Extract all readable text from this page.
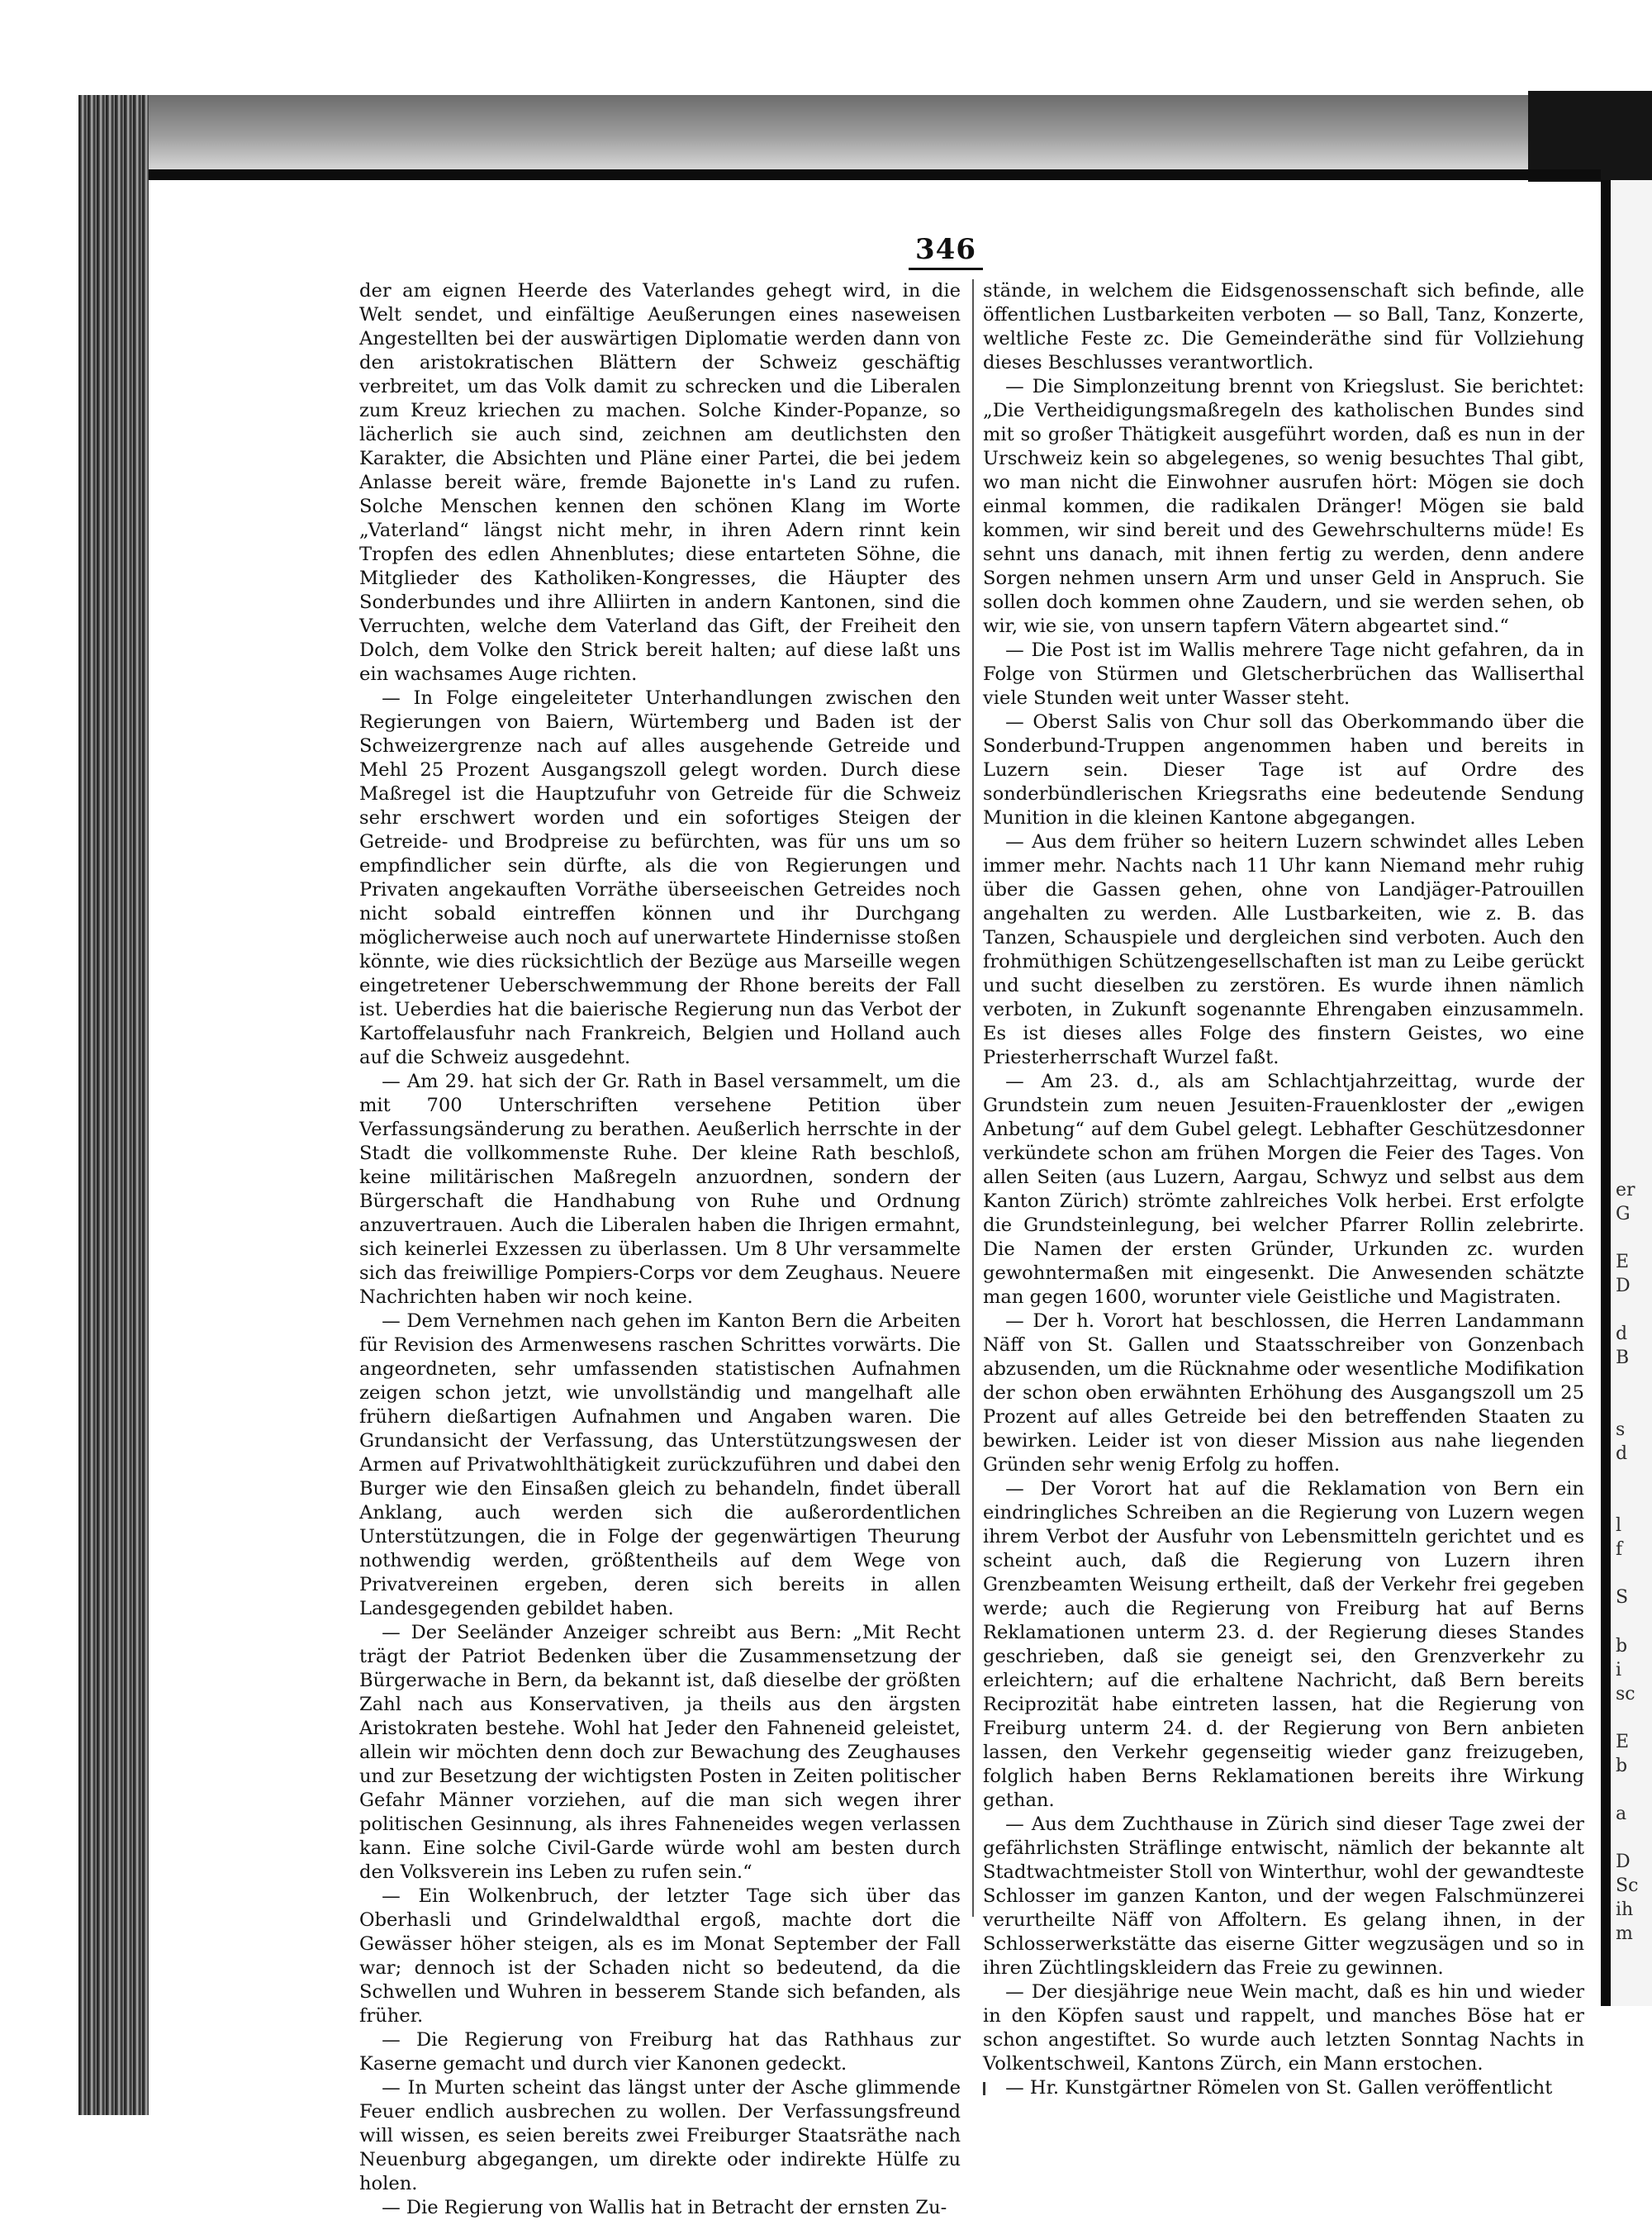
er
G
E
D
d
B
s
d
l
f
S
b
i
sc
E
b
a
D
Sc
ih
m
346

der am eignen Heerde des Vaterlandes gehegt wird, in die Welt sendet, und einfältige Aeußerungen eines naseweisen Angestellten bei der auswärtigen Diplomatie werden dann von den aristokratischen Blättern der Schweiz geschäftig verbreitet, um das Volk damit zu schrecken und die Liberalen zum Kreuz kriechen zu machen. Solche Kinder-Popanze, so lächerlich sie auch sind, zeichnen am deutlichsten den Karakter, die Absichten und Pläne einer Partei, die bei jedem Anlasse bereit wäre, fremde Bajonette in's Land zu rufen. Solche Menschen kennen den schönen Klang im Worte „Vaterland“ längst nicht mehr, in ihren Adern rinnt kein Tropfen des edlen Ahnenblutes; diese entarteten Söhne, die Mitglieder des Katholiken-Kongresses, die Häupter des Sonderbundes und ihre Alliirten in andern Kantonen, sind die Verruchten, welche dem Vaterland das Gift, der Freiheit den Dolch, dem Volke den Strick bereit halten; auf diese laßt uns ein wachsames Auge richten.

— In Folge eingeleiteter Unterhandlungen zwischen den Regierungen von Baiern, Würtemberg und Baden ist der Schweizergrenze nach auf alles ausgehende Getreide und Mehl 25 Prozent Ausgangszoll gelegt worden. Durch diese Maßregel ist die Hauptzufuhr von Getreide für die Schweiz sehr erschwert worden und ein sofortiges Steigen der Getreide- und Brodpreise zu befürchten, was für uns um so empfindlicher sein dürfte, als die von Regierungen und Privaten angekauften Vorräthe überseeischen Getreides noch nicht sobald eintreffen können und ihr Durchgang möglicherweise auch noch auf unerwartete Hindernisse stoßen könnte, wie dies rücksichtlich der Bezüge aus Marseille wegen eingetretener Ueberschwemmung der Rhone bereits der Fall ist. Ueberdies hat die baierische Regierung nun das Verbot der Kartoffelausfuhr nach Frankreich, Belgien und Holland auch auf die Schweiz ausgedehnt.

— Am 29. hat sich der Gr. Rath in Basel versammelt, um die mit 700 Unterschriften versehene Petition über Verfassungsänderung zu berathen. Aeußerlich herrschte in der Stadt die vollkommenste Ruhe. Der kleine Rath beschloß, keine militärischen Maßregeln anzuordnen, sondern der Bürgerschaft die Handhabung von Ruhe und Ordnung anzuvertrauen. Auch die Liberalen haben die Ihrigen ermahnt, sich keinerlei Exzessen zu überlassen. Um 8 Uhr versammelte sich das freiwillige Pompiers-Corps vor dem Zeughaus. Neuere Nachrichten haben wir noch keine.

— Dem Vernehmen nach gehen im Kanton Bern die Arbeiten für Revision des Armenwesens raschen Schrittes vorwärts. Die angeordneten, sehr umfassenden statistischen Aufnahmen zeigen schon jetzt, wie unvollständig und mangelhaft alle frühern dießartigen Aufnahmen und Angaben waren. Die Grundansicht der Verfassung, das Unterstützungswesen der Armen auf Privatwohlthätigkeit zurückzuführen und dabei den Burger wie den Einsaßen gleich zu behandeln, findet überall Anklang, auch werden sich die außerordentlichen Unterstützungen, die in Folge der gegenwärtigen Theurung nothwendig werden, größtentheils auf dem Wege von Privatvereinen ergeben, deren sich bereits in allen Landesgegenden gebildet haben.

— Der Seeländer Anzeiger schreibt aus Bern: „Mit Recht trägt der Patriot Bedenken über die Zusammensetzung der Bürgerwache in Bern, da bekannt ist, daß dieselbe der größten Zahl nach aus Konservativen, ja theils aus den ärgsten Aristokraten bestehe. Wohl hat Jeder den Fahneneid geleistet, allein wir möchten denn doch zur Bewachung des Zeughauses und zur Besetzung der wichtigsten Posten in Zeiten politischer Gefahr Männer vorziehen, auf die man sich wegen ihrer politischen Gesinnung, als ihres Fahneneides wegen verlassen kann. Eine solche Civil-Garde würde wohl am besten durch den Volksverein ins Leben zu rufen sein.“

— Ein Wolkenbruch, der letzter Tage sich über das Oberhasli und Grindelwaldthal ergoß, machte dort die Gewässer höher steigen, als es im Monat September der Fall war; dennoch ist der Schaden nicht so bedeutend, da die Schwellen und Wuhren in besserem Stande sich befanden, als früher.

— Die Regierung von Freiburg hat das Rathhaus zur Kaserne gemacht und durch vier Kanonen gedeckt.

— In Murten scheint das längst unter der Asche glimmende Feuer endlich ausbrechen zu wollen. Der Verfassungsfreund will wissen, es seien bereits zwei Freiburger Staatsräthe nach Neuenburg abgegangen, um direkte oder indirekte Hülfe zu holen.

— Die Regierung von Wallis hat in Betracht der ernsten Zu-

stände, in welchem die Eidsgenossenschaft sich befinde, alle öffentlichen Lustbarkeiten verboten — so Ball, Tanz, Konzerte, weltliche Feste zc. Die Gemeinderäthe sind für Vollziehung dieses Beschlusses verantwortlich.

— Die Simplonzeitung brennt von Kriegslust. Sie berichtet: „Die Vertheidigungsmaßregeln des katholischen Bundes sind mit so großer Thätigkeit ausgeführt worden, daß es nun in der Urschweiz kein so abgelegenes, so wenig besuchtes Thal gibt, wo man nicht die Einwohner ausrufen hört: Mögen sie doch einmal kommen, die radikalen Dränger! Mögen sie bald kommen, wir sind bereit und des Gewehrschulterns müde! Es sehnt uns danach, mit ihnen fertig zu werden, denn andere Sorgen nehmen unsern Arm und unser Geld in Anspruch. Sie sollen doch kommen ohne Zaudern, und sie werden sehen, ob wir, wie sie, von unsern tapfern Vätern abgeartet sind.“

— Die Post ist im Wallis mehrere Tage nicht gefahren, da in Folge von Stürmen und Gletscherbrüchen das Walliserthal viele Stunden weit unter Wasser steht.

— Oberst Salis von Chur soll das Oberkommando über die Sonderbund-Truppen angenommen haben und bereits in Luzern sein. Dieser Tage ist auf Ordre des sonderbündlerischen Kriegsraths eine bedeutende Sendung Munition in die kleinen Kantone abgegangen.

— Aus dem früher so heitern Luzern schwindet alles Leben immer mehr. Nachts nach 11 Uhr kann Niemand mehr ruhig über die Gassen gehen, ohne von Landjäger-Patrouillen angehalten zu werden. Alle Lustbarkeiten, wie z. B. das Tanzen, Schauspiele und dergleichen sind verboten. Auch den frohmüthigen Schützengesellschaften ist man zu Leibe gerückt und sucht dieselben zu zerstören. Es wurde ihnen nämlich verboten, in Zukunft sogenannte Ehrengaben einzusammeln. Es ist dieses alles Folge des finstern Geistes, wo eine Priesterherrschaft Wurzel faßt.

— Am 23. d., als am Schlachtjahrzeittag, wurde der Grundstein zum neuen Jesuiten-Frauenkloster der „ewigen Anbetung“ auf dem Gubel gelegt. Lebhafter Geschützesdonner verkündete schon am frühen Morgen die Feier des Tages. Von allen Seiten (aus Luzern, Aargau, Schwyz und selbst aus dem Kanton Zürich) strömte zahlreiches Volk herbei. Erst erfolgte die Grundsteinlegung, bei welcher Pfarrer Rollin zelebrirte. Die Namen der ersten Gründer, Urkunden zc. wurden gewohntermaßen mit eingesenkt. Die Anwesenden schätzte man gegen 1600, worunter viele Geistliche und Magistraten.

— Der h. Vorort hat beschlossen, die Herren Landammann Näff von St. Gallen und Staatsschreiber von Gonzenbach abzusenden, um die Rücknahme oder wesentliche Modifikation der schon oben erwähnten Erhöhung des Ausgangszoll um 25 Prozent auf alles Getreide bei den betreffenden Staaten zu bewirken. Leider ist von dieser Mission aus nahe liegenden Gründen sehr wenig Erfolg zu hoffen.

— Der Vorort hat auf die Reklamation von Bern ein eindringliches Schreiben an die Regierung von Luzern wegen ihrem Verbot der Ausfuhr von Lebensmitteln gerichtet und es scheint auch, daß die Regierung von Luzern ihren Grenzbeamten Weisung ertheilt, daß der Verkehr frei gegeben werde; auch die Regierung von Freiburg hat auf Berns Reklamationen unterm 23. d. der Regierung dieses Standes geschrieben, daß sie geneigt sei, den Grenzverkehr zu erleichtern; auf die erhaltene Nachricht, daß Bern bereits Reciprozität habe eintreten lassen, hat die Regierung von Freiburg unterm 24. d. der Regierung von Bern anbieten lassen, den Verkehr gegenseitig wieder ganz freizugeben, folglich haben Berns Reklamationen bereits ihre Wirkung gethan.

— Aus dem Zuchthause in Zürich sind dieser Tage zwei der gefährlichsten Sträflinge entwischt, nämlich der bekannte alt Stadtwachtmeister Stoll von Winterthur, wohl der gewandteste Schlosser im ganzen Kanton, und der wegen Falschmünzerei verurtheilte Näff von Affoltern. Es gelang ihnen, in der Schlosserwerkstätte das eiserne Gitter wegzusägen und so in ihren Züchtlingskleidern das Freie zu gewinnen.

— Der diesjährige neue Wein macht, daß es hin und wieder in den Köpfen saust und rappelt, und manches Böse hat er schon angestiftet. So wurde auch letzten Sonntag Nachts in Volkentschweil, Kantons Zürch, ein Mann erstochen.

— Hr. Kunstgärtner Römelen von St. Gallen veröffentlicht
